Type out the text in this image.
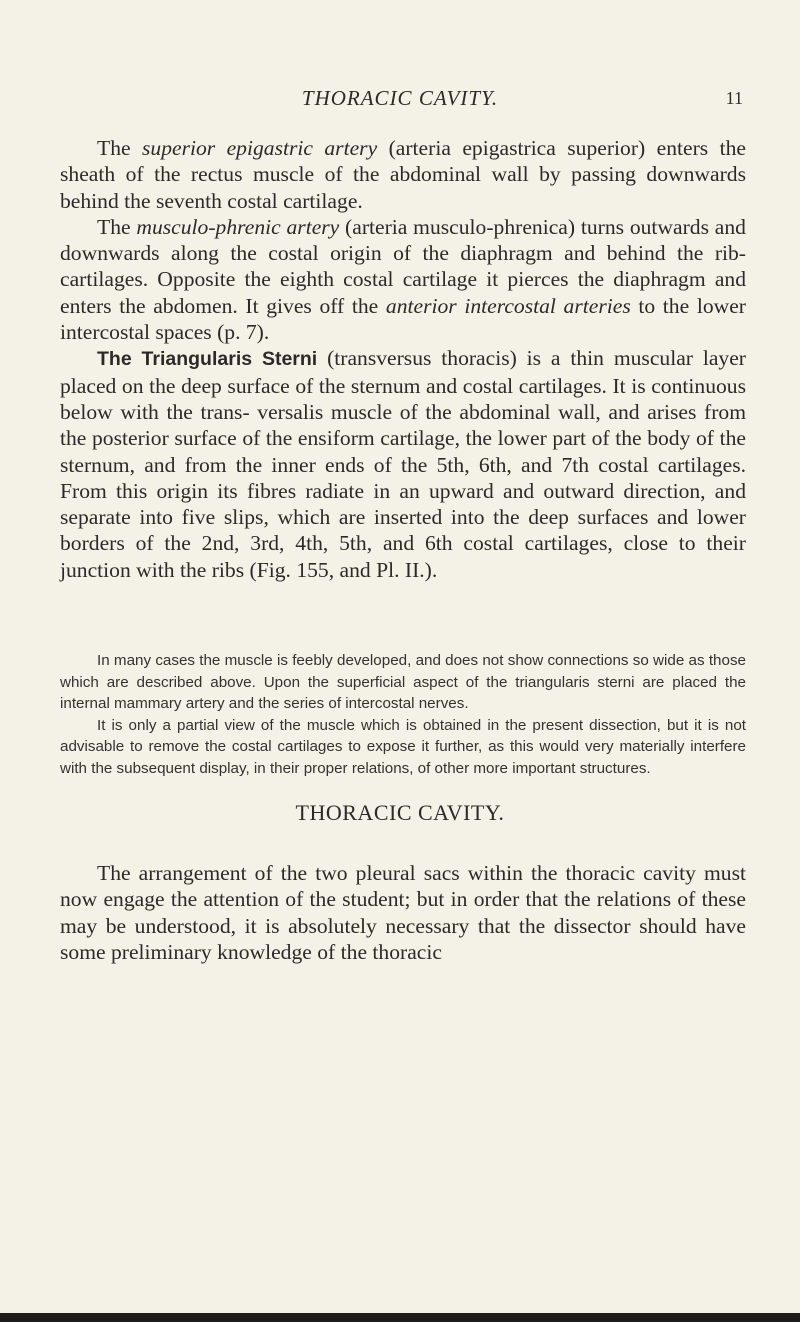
THORACIC CAVITY.	11

The superior epigastric artery (arteria epigastrica superior) enters the sheath of the rectus muscle of the abdominal wall by passing downwards behind the seventh costal cartilage.

The musculo-phrenic artery (arteria musculo-phrenica) turns outwards and downwards along the costal origin of the diaphragm and behind the rib-cartilages. Opposite the eighth costal cartilage it pierces the diaphragm and enters the abdomen. It gives off the anterior intercostal arteries to the lower intercostal spaces (p. 7).

The Triangularis Sterni (transversus thoracis) is a thin muscular layer placed on the deep surface of the sternum and costal cartilages. It is continuous below with the trans- versalis muscle of the abdominal wall, and arises from the posterior surface of the ensiform cartilage, the lower part of the body of the sternum, and from the inner ends of the 5th, 6th, and 7th costal cartilages. From this origin its fibres radiate in an upward and outward direction, and separate into five slips, which are inserted into the deep surfaces and lower borders of the 2nd, 3rd, 4th, 5th, and 6th costal cartilages, close to their junction with the ribs (Fig. 155, and Pl. II.).

In many cases the muscle is feebly developed, and does not show connections so wide as those which are described above. Upon the superficial aspect of the triangularis sterni are placed the internal mammary artery and the series of intercostal nerves.

It is only a partial view of the muscle which is obtained in the present dissection, but it is not advisable to remove the costal cartilages to expose it further, as this would very materially interfere with the subsequent display, in their proper relations, of other more important structures.

THORACIC CAVITY.

The arrangement of the two pleural sacs within the thoracic cavity must now engage the attention of the student; but in order that the relations of these may be understood, it is absolutely necessary that the dissector should have some preliminary knowledge of the thoracic
